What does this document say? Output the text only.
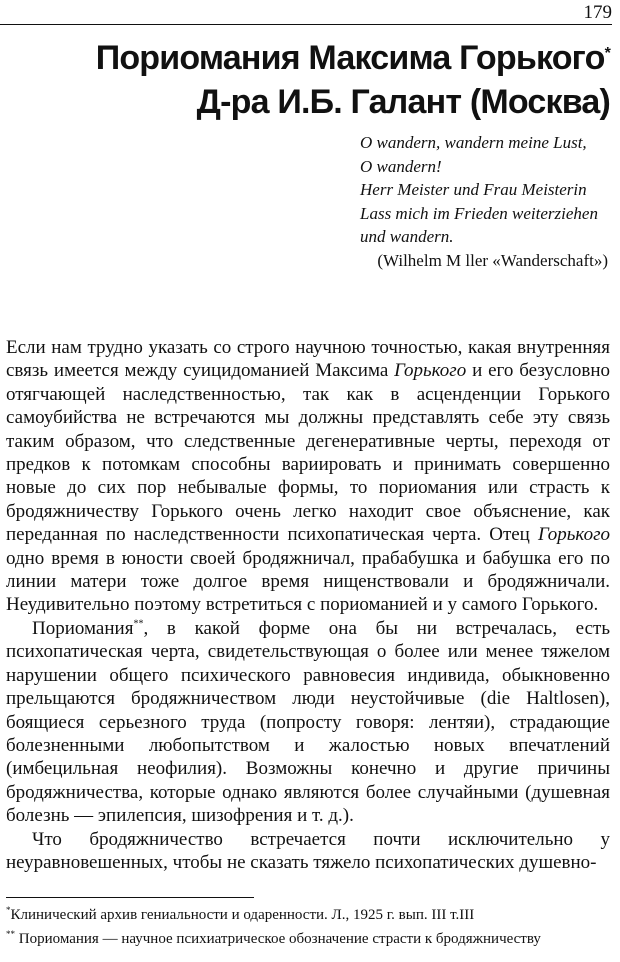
179
Пориомания Максима Горького*
Д-ра И.Б. Галант (Москва)
O wandern, wandern meine Lust,
O wandern!
Herr Meister und Frau Meisterin
Lass mich im Frieden weiterziehen
und wandern.
(Wilhelm M ller «Wanderschaft»)

Если нам трудно указать со строго научною точностью, какая внутренняя связь имеется между суицидоманией Максима Горького и его безусловно отягчающей наследственностью, так как в асценденции Горького самоубийства не встречаются мы должны представлять себе эту связь таким образом, что следственные дегенеративные черты, переходя от предков к потомкам способны вариировать и принимать совершенно новые до сих пор небывалые формы, то пориомания или страсть к бродяжничеству Горького очень легко находит свое объяснение, как переданная по наследственности психопатическая черта. Отец Горького одно время в юности своей бродяжничал, прабабушка и бабушка его по линии матери тоже долгое время нищенствовали и бродяжничали. Неудивительно поэтому встретиться с пориоманией и у самого Горького.

Пориомания**, в какой форме она бы ни встречалась, есть психопатическая черта, свидетельствующая о более или менее тяжелом нарушении общего психического равновесия индивида, обыкновенно прельщаются бродяжничеством люди неустойчивые (die Haltlosen), боящиеся серьезного труда (попросту говоря: лентяи), страдающие болезненными любопытством и жалостью новых впечатлений (имбецильная неофилия). Возможны конечно и другие причины бродяжничества, которые однако являются более случайными (душевная болезнь — эпилепсия, шизофрения и т. д.).

Что бродяжничество встречается почти исключительно у неуравновешенных, чтобы не сказать тяжело психопатических душевно-

*Клинический архив гениальности и одаренности. Л., 1925 г. вып. III т.III

** Пориомания — научное психиатрическое обозначение страсти к бродяжничеству
